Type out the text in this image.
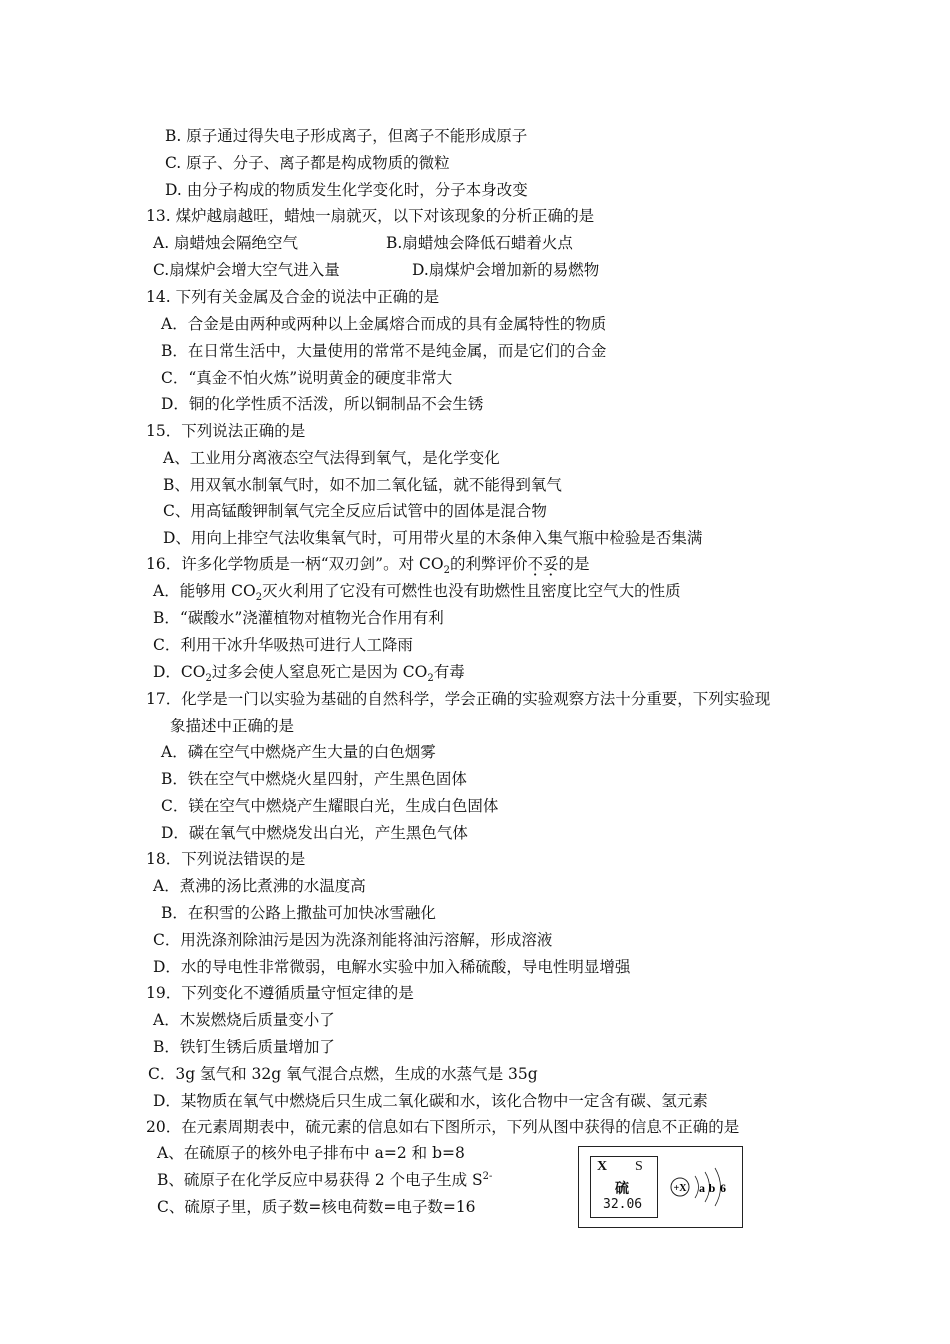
B. 原子通过得失电子形成离子，但离子不能形成原子
C. 原子、分子、离子都是构成物质的微粒
D. 由分子构成的物质发生化学变化时，分子本身改变
13. 煤炉越扇越旺，蜡烛一扇就灭，以下对该现象的分析正确的是
A. 扇蜡烛会隔绝空气	B.扇蜡烛会降低石蜡着火点
C.扇煤炉会增大空气进入量	D.扇煤炉会增加新的易燃物
14. 下列有关金属及合金的说法中正确的是
A．合金是由两种或两种以上金属熔合而成的具有金属特性的物质
B．在日常生活中，大量使用的常常不是纯金属，而是它们的合金
C．“真金不怕火炼”说明黄金的硬度非常大
D．铜的化学性质不活泼，所以铜制品不会生锈
15．下列说法正确的是
A、工业用分离液态空气法得到氧气，是化学变化
B、用双氧水制氧气时，如不加二氧化锰，就不能得到氧气
C、用高锰酸钾制氧气完全反应后试管中的固体是混合物
D、用向上排空气法收集氧气时，可用带火星的木条伸入集气瓶中检验是否集满
16．许多化学物质是一柄“双刃剑”。对 $CO_2$的利弊评价不妥的是
A．能够用 $CO_2$灭火利用了它没有可燃性也没有助燃性且密度比空气大的性质
B．“碳酸水”浇灌植物对植物光合作用有利
C．利用干冰升华吸热可进行人工降雨
D．$CO_2$过多会使人窒息死亡是因为 $CO_2$有毒
17．化学是一门以实验为基础的自然科学，学会正确的实验观察方法十分重要，下列实验现
象描述中正确的是
A．磷在空气中燃烧产生大量的白色烟雾
B．铁在空气中燃烧火星四射，产生黑色固体
C．镁在空气中燃烧产生耀眼白光，生成白色固体
D．碳在氧气中燃烧发出白光，产生黑色气体
18．下列说法错误的是
A．煮沸的汤比煮沸的水温度高
B．在积雪的公路上撒盐可加快冰雪融化
C．用洗涤剂除油污是因为洗涤剂能将油污溶解，形成溶液
D．水的导电性非常微弱，电解水实验中加入稀硫酸，导电性明显增强
19．下列变化不遵循质量守恒定律的是
A．木炭燃烧后质量变小了
B．铁钉生锈后质量增加了
C．3g 氢气和 32g 氧气混合点燃，生成的水蒸气是 35g
D．某物质在氧气中燃烧后只生成二氧化碳和水，该化合物中一定含有碳、氢元素
20．在元素周期表中，硫元素的信息如右下图所示，下列从图中获得的信息不正确的是
A、在硫原子的核外电子排布中 a=2 和 b=8
B、硫原子在化学反应中易获得 2 个电子生成 $S^{2-}$
C、硫原子里，质子数=核电荷数=电子数=16
X S
硫
32.06
+X a b 6
